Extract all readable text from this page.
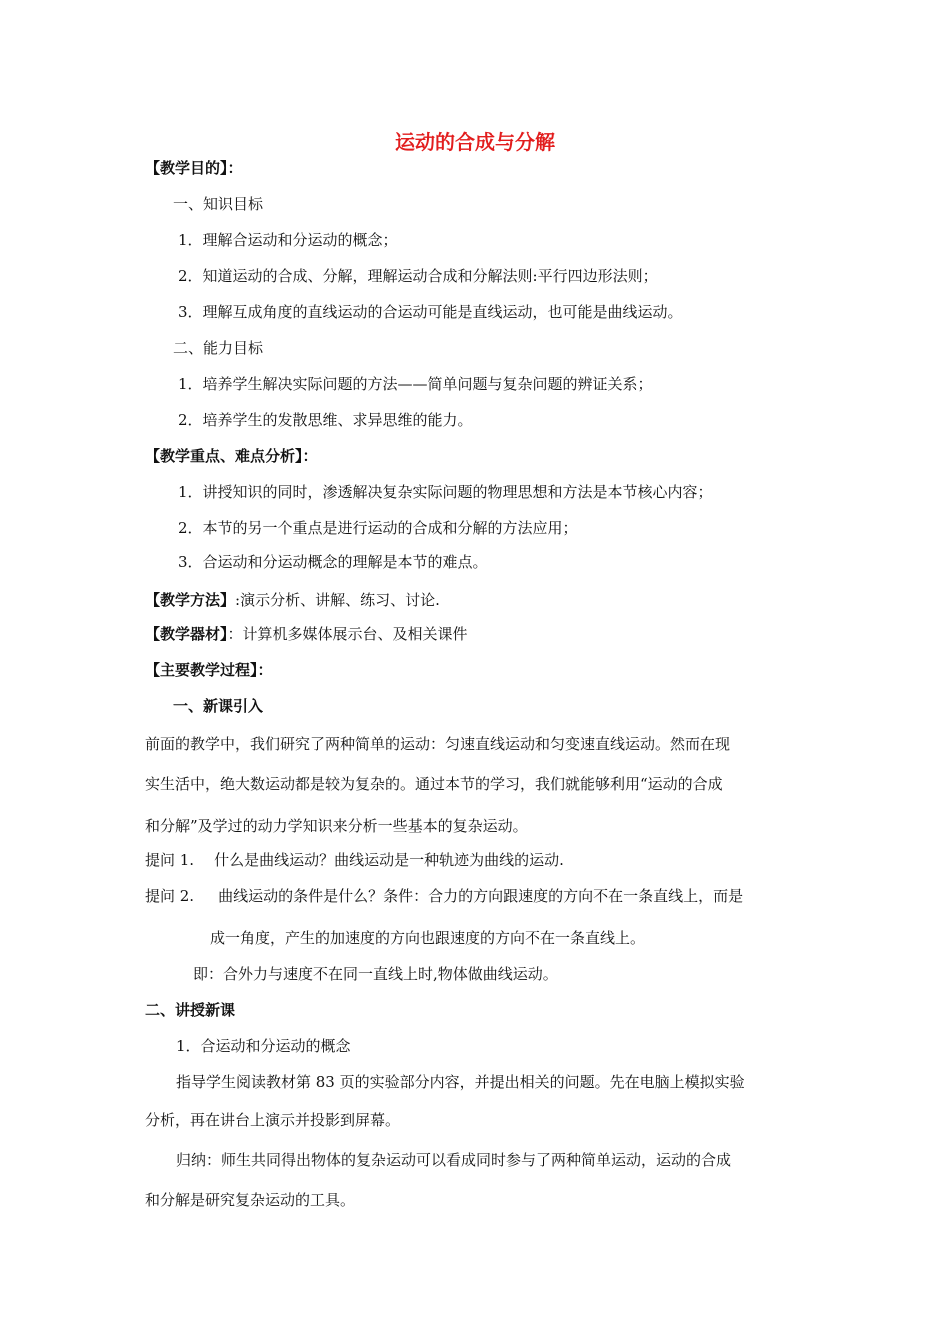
运动的合成与分解
【教学目的】：
一、知识目标
1．理解合运动和分运动的概念；
2．知道运动的合成、分解，理解运动合成和分解法则:平行四边形法则；
3．理解互成角度的直线运动的合运动可能是直线运动，也可能是曲线运动。
二、能力目标
1．培养学生解决实际问题的方法——简单问题与复杂问题的辨证关系；
2．培养学生的发散思维、求异思维的能力。
【教学重点、难点分析】：
1．讲授知识的同时，渗透解决复杂实际问题的物理思想和方法是本节核心内容；
2．本节的另一个重点是进行运动的合成和分解的方法应用；
3．合运动和分运动概念的理解是本节的难点。
【教学方法】:演示分析、讲解、练习、讨论.
【教学器材】：计算机多媒体展示台、及相关课件
【主要教学过程】：
一、新课引入
前面的教学中，我们研究了两种简单的运动：匀速直线运动和匀变速直线运动。然而在现
实生活中，绝大数运动都是较为复杂的。通过本节的学习，我们就能够利用“运动的合成
和分解”及学过的动力学知识来分析一些基本的复杂运动。
提问 1. 什么是曲线运动？曲线运动是一种轨迹为曲线的运动.
提问 2. 曲线运动的条件是什么？条件：合力的方向跟速度的方向不在一条直线上，而是
成一角度，产生的加速度的方向也跟速度的方向不在一条直线上。
即：合外力与速度不在同一直线上时,物体做曲线运动。
二、讲授新课
1．合运动和分运动的概念
指导学生阅读教材第 83 页的实验部分内容，并提出相关的问题。先在电脑上模拟实验
分析，再在讲台上演示并投影到屏幕。
归纳：师生共同得出物体的复杂运动可以看成同时参与了两种简单运动，运动的合成
和分解是研究复杂运动的工具。
